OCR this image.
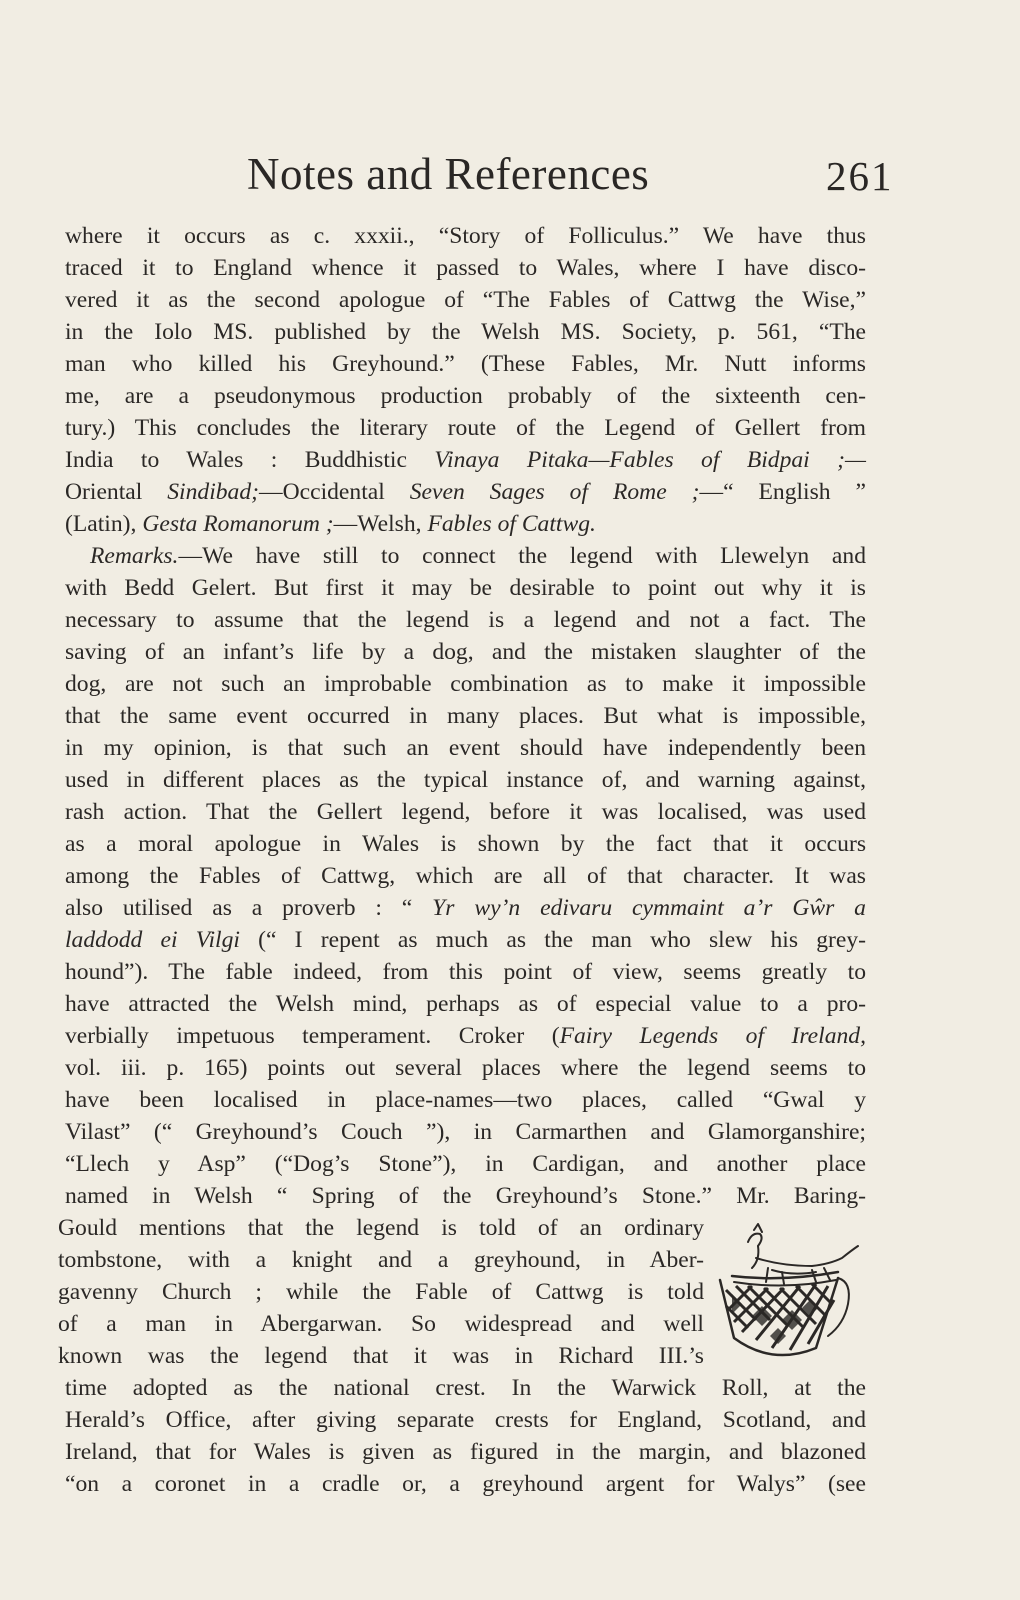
Notes and References	261
where it occurs as c. xxxii., “Story of Folliculus.” We have thus
traced it to England whence it passed to Wales, where I have disco-
vered it as the second apologue of “The Fables of Cattwg the Wise,”
in the Iolo MS. published by the Welsh MS. Society, p. 561, “The
man who killed his Greyhound.” (These Fables, Mr. Nutt informs
me, are a pseudonymous production probably of the sixteenth cen-
tury.) This concludes the literary route of the Legend of Gellert from
India to Wales : Buddhistic Vinaya Pitaka—Fables of Bidpai ;—
Oriental Sindibad;—Occidental Seven Sages of Rome ;—“ English ”
(Latin), Gesta Romanorum ;—Welsh, Fables of Cattwg.
Remarks.—We have still to connect the legend with Llewelyn and
with Bedd Gelert. But first it may be desirable to point out why it is
necessary to assume that the legend is a legend and not a fact. The
saving of an infant’s life by a dog, and the mistaken slaughter of the
dog, are not such an improbable combination as to make it impossible
that the same event occurred in many places. But what is impossible,
in my opinion, is that such an event should have independently been
used in different places as the typical instance of, and warning against,
rash action. That the Gellert legend, before it was localised, was used
as a moral apologue in Wales is shown by the fact that it occurs
among the Fables of Cattwg, which are all of that character. It was
also utilised as a proverb : “ Yr wy’n edivaru cymmaint a’r Gŵr a
laddodd ei Vilgi (“ I repent as much as the man who slew his grey-
hound”). The fable indeed, from this point of view, seems greatly to
have attracted the Welsh mind, perhaps as of especial value to a pro-
verbially impetuous temperament. Croker (Fairy Legends of Ireland,
vol. iii. p. 165) points out several places where the legend seems to
have been localised in place-names—two places, called “Gwal y
Vilast” (“ Greyhound’s Couch ”), in Carmarthen and Glamorganshire;
“Llech y Asp” (“Dog’s Stone”), in Cardigan, and another place
named in Welsh “ Spring of the Greyhound’s Stone.” Mr. Baring-
Gould mentions that the legend is told of an ordinary
tombstone, with a knight and a greyhound, in Aber-
gavenny Church ; while the Fable of Cattwg is told
of a man in Abergarwan. So widespread and well
known was the legend that it was in Richard III.’s
time adopted as the national crest. In the Warwick Roll, at the
Herald’s Office, after giving separate crests for England, Scotland, and
Ireland, that for Wales is given as figured in the margin, and blazoned
“on a coronet in a cradle or, a greyhound argent for Walys” (see
